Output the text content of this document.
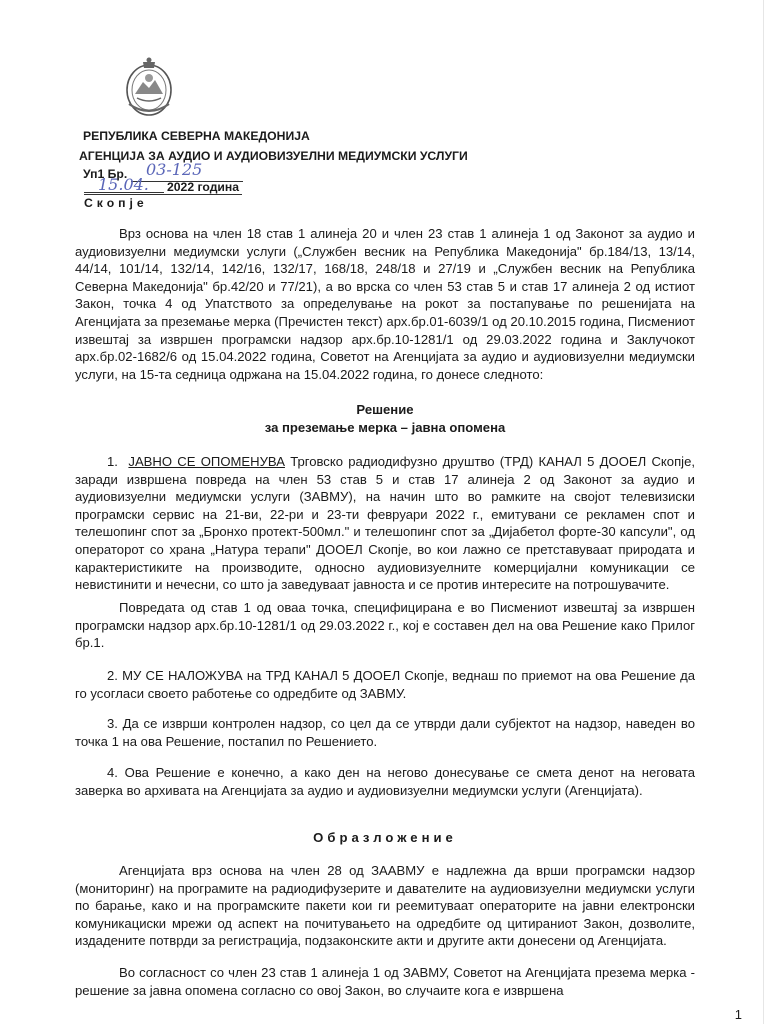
РЕПУБЛИКА СЕВЕРНА МАКЕДОНИЈА
АГЕНЦИЈА ЗА АУДИО И АУДИОВИЗУЕЛНИ МЕДИУМСКИ УСЛУГИ
Уп1 Бр. 03-125
15.04. 2022 година
Скопје
Врз основа на член 18 став 1 алинеја 20 и член 23 став 1 алинеја 1 од Законот за аудио и аудиовизуелни медиумски услуги („Службен весник на Република Македонија" бр.184/13, 13/14, 44/14, 101/14, 132/14, 142/16, 132/17, 168/18, 248/18 и 27/19 и „Службен весник на Република Северна Македонија" бр.42/20 и 77/21), а во врска со член 53 став 5 и став 17 алинеја 2 од истиот Закон, точка 4 од Упатството за определување на рокот за постапување по решенијата на Агенцијата за преземање мерка (Пречистен текст) арх.бр.01-6039/1 од 20.10.2015 година, Писмениот извештај за извршен програмски надзор арх.бр.10-1281/1 од 29.03.2022 година и Заклучокот арх.бр.02-1682/6 од 15.04.2022 година, Советот на Агенцијата за аудио и аудиовизуелни медиумски услуги, на 15-та седница одржана на 15.04.2022 година, го донесе следното:
Решение
за преземање мерка – јавна опомена
1. ЈАВНО СЕ ОПОМЕНУВА Трговско радиодифузно друштво (ТРД) КАНАЛ 5 ДООЕЛ Скопје, заради извршена повреда на член 53 став 5 и став 17 алинеја 2 од Законот за аудио и аудиовизуелни медиумски услуги (ЗАВМУ), на начин што во рамките на својот телевизиски програмски сервис на 21-ви, 22-ри и 23-ти февруари 2022 г., емитувани се рекламен спот и телешопинг спот за „Бронхо протект-500мл." и телешопинг спот за „Дијабетол форте-30 капсули", од операторот со храна „Натура терапи" ДООЕЛ Скопје, во кои лажно се претставуваат природата и карактеристиките на производите, односно аудиовизуелните комерцијални комуникации се невистинити и нечесни, со што ја заведуваат јавноста и се против интересите на потрошувачите.
Повредата од став 1 од оваа точка, специфицирана е во Писмениот извештај за извршен програмски надзор арх.бр.10-1281/1 од 29.03.2022 г., кој е составен дел на ова Решение како Прилог бр.1.
2. МУ СЕ НАЛОЖУВА на ТРД КАНАЛ 5 ДООЕЛ Скопје, веднаш по приемот на ова Решение да го усогласи своето работење со одредбите од ЗАВМУ.
3. Да се изврши контролен надзор, со цел да се утврди дали субјектот на надзор, наведен во точка 1 на ова Решение, постапил по Решението.
4. Ова Решение е конечно, а како ден на негово донесување се смета денот на неговата заверка во архивата на Агенцијата за аудио и аудиовизуелни медиумски услуги (Агенцијата).
Образложение
Агенцијата врз основа на член 28 од ЗААВМУ е надлежна да врши програмски надзор (мониторинг) на програмите на радиодифузерите и давателите на аудиовизуелни медиумски услуги по барање, како и на програмските пакети кои ги реемитуваат операторите на јавни електронски комуникациски мрежи од аспект на почитувањето на одредбите од цитираниот Закон, дозволите, издадените потврди за регистрација, подзаконските акти и другите акти донесени од Агенцијата.
Во согласност со член 23 став 1 алинеја 1 од ЗАВМУ, Советот на Агенцијата презема мерка - решение за јавна опомена согласно со овој Закон, во случаите кога е извршена
1
